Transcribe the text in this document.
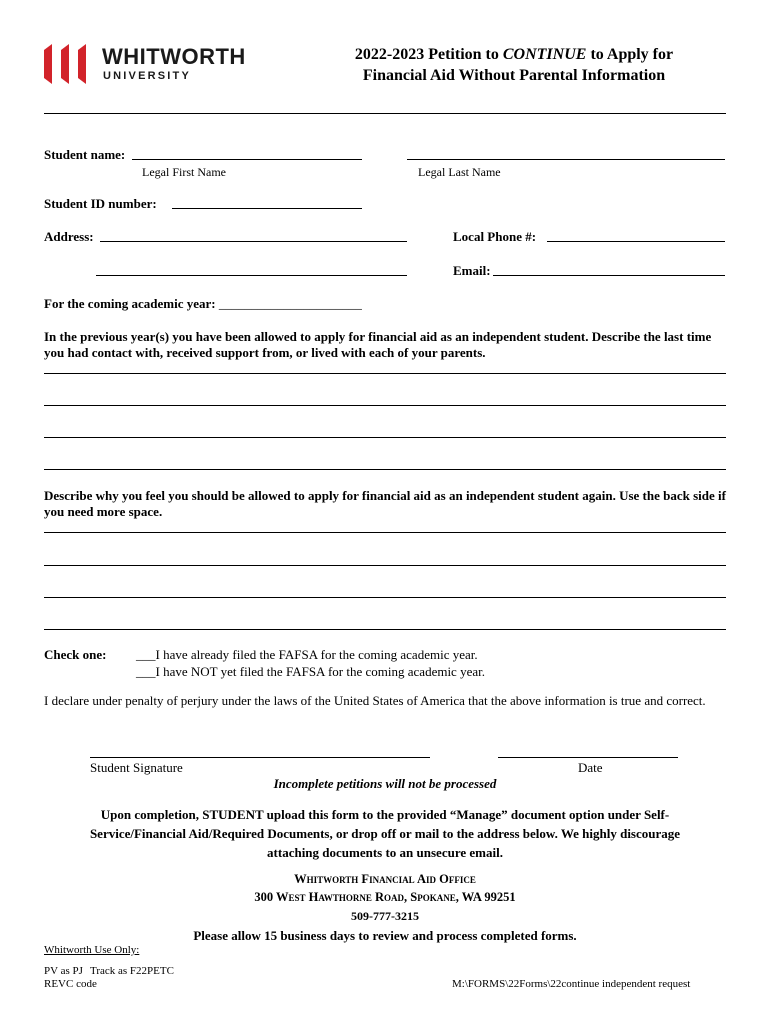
WHITWORTH
UNIVERSITY
2022-2023 Petition to CONTINUE to Apply for
Financial Aid Without Parental Information
Student name:
Legal First Name	Legal Last Name
Student ID number:
Address:	Local Phone #:
Email:
For the coming academic year: ______________________
In the previous year(s) you have been allowed to apply for financial aid as an independent student. Describe the last time you had contact with, received support from, or lived with each of your parents.
Describe why you feel you should be allowed to apply for financial aid as an independent student again. Use the back side if you need more space.
Check one: ___I have already filed the FAFSA for the coming academic year.
___I have NOT yet filed the FAFSA for the coming academic year.
I declare under penalty of perjury under the laws of the United States of America that the above information is true and correct.
Student Signature	Date
Incomplete petitions will not be processed
Upon completion, STUDENT upload this form to the provided “Manage” document option under Self-
Service/Financial Aid/Required Documents, or drop off or mail to the address below. We highly discourage
attaching documents to an unsecure email.
Whitworth Financial Aid Office
300 West Hawthorne Road, Spokane, WA 99251
509-777-3215
Please allow 15 business days to review and process completed forms.
Whitworth Use Only:
PV as PJ Track as F22PETC
REVC code	M:\FORMS\22Forms\22continue independent request
